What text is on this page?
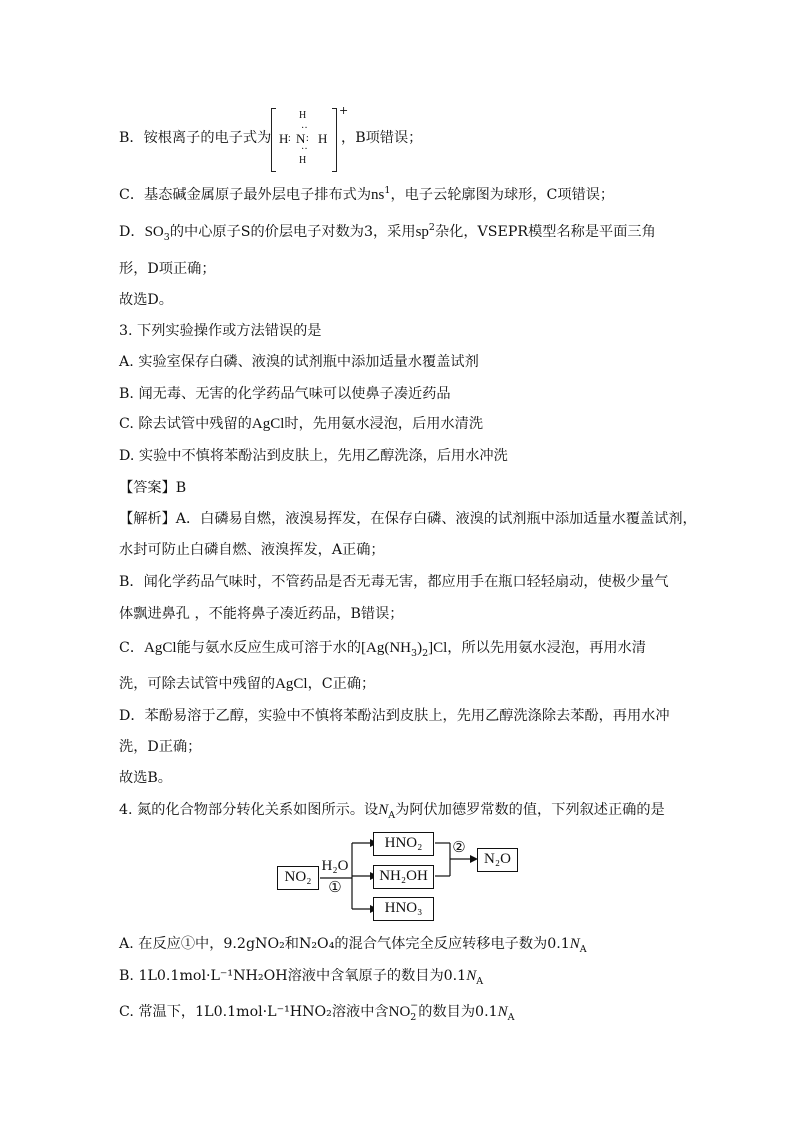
B．铵根离子的电子式为
H
H : N : H
··
··
H
+
，B项错误；
C．基态碱金属原子最外层电子排布式为$ns^1$，电子云轮廓图为球形，C项错误；
D．$SO_3$的中心原子S的价层电子对数为3，采用$sp^2$杂化，VSEPR模型名称是平面三角
形，D项正确；
故选D。
3. 下列实验操作或方法错误的是
A. 实验室保存白磷、液溴的试剂瓶中添加适量水覆盖试剂
B. 闻无毒、无害的化学药品气味可以使鼻子凑近药品
C. 除去试管中残留的AgCl时，先用氨水浸泡，后用水清洗
D. 实验中不慎将苯酚沾到皮肤上，先用乙醇洗涤，后用水冲洗
【答案】B
【解析】A．白磷易自燃，液溴易挥发，在保存白磷、液溴的试剂瓶中添加适量水覆盖试剂，
水封可防止白磷自燃、液溴挥发，A正确；
B．闻化学药品气味时，不管药品是否无毒无害，都应用手在瓶口轻轻扇动，使极少量气
体飘进鼻孔 ，不能将鼻子凑近药品，B错误；
C．AgCl能与氨水反应生成可溶于水的$[Ag(NH_3)_2]Cl$，所以先用氨水浸泡，再用水清
洗，可除去试管中残留的AgCl，C正确；
D．苯酚易溶于乙醇，实验中不慎将苯酚沾到皮肤上，先用乙醇洗涤除去苯酚，再用水冲
洗，D正确；
故选B。
4. 氮的化合物部分转化关系如图所示。设$N_A$为阿伏加德罗常数的值，下列叙述正确的是
NO₂
H₂O
①
HNO₂
NH₂OH
HNO₃
②
N₂O
A. 在反应①中，9.2gNO₂和N₂O₄的混合气体完全反应转移电子数为$0.1N_A$
B. 1L0.1mol·L⁻¹NH₂OH溶液中含氧原子的数目为$0.1N_A$
C. 常温下，1L0.1mol·L⁻¹HNO₂溶液中含NO −
2 的数目为$0.1N_A$
